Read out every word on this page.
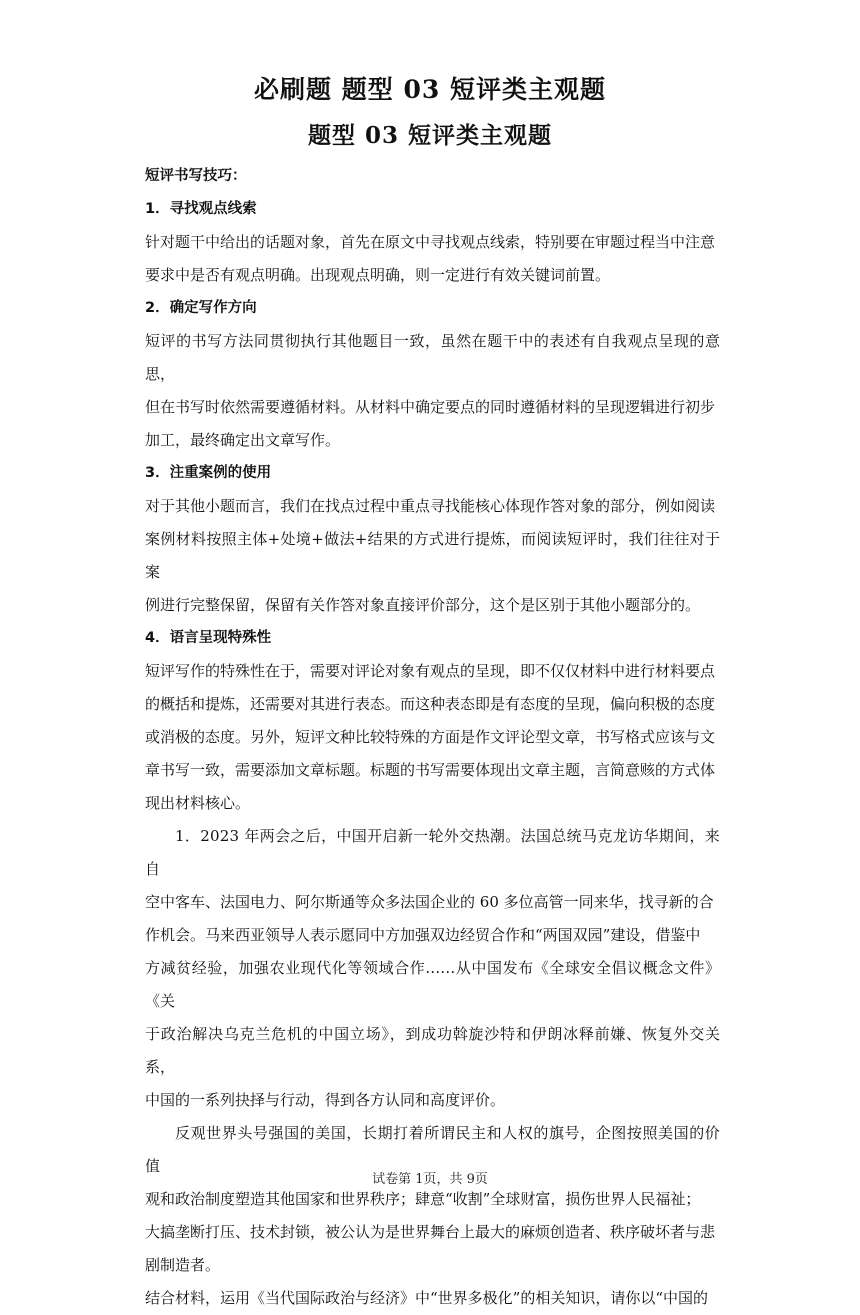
必刷题 题型 03 短评类主观题
题型 03 短评类主观题

短评书写技巧：

1．寻找观点线索

针对题干中给出的话题对象，首先在原文中寻找观点线索，特别要在审题过程当中注意

要求中是否有观点明确。出现观点明确，则一定进行有效关键词前置。

2．确定写作方向

短评的书写方法同贯彻执行其他题目一致，虽然在题干中的表述有自我观点呈现的意思，

但在书写时依然需要遵循材料。从材料中确定要点的同时遵循材料的呈现逻辑进行初步

加工，最终确定出文章写作。

3．注重案例的使用

对于其他小题而言，我们在找点过程中重点寻找能核心体现作答对象的部分，例如阅读

案例材料按照主体+处境+做法+结果的方式进行提炼，而阅读短评时，我们往往对于案

例进行完整保留，保留有关作答对象直接评价部分，这个是区别于其他小题部分的。

4．语言呈现特殊性

短评写作的特殊性在于，需要对评论对象有观点的呈现，即不仅仅材料中进行材料要点

的概括和提炼，还需要对其进行表态。而这种表态即是有态度的呈现，偏向积极的态度

或消极的态度。另外，短评文种比较特殊的方面是作文评论型文章，书写格式应该与文

章书写一致，需要添加文章标题。标题的书写需要体现出文章主题，言简意赅的方式体

现出材料核心。

1．2023 年两会之后，中国开启新一轮外交热潮。法国总统马克龙访华期间，来自

空中客车、法国电力、阿尔斯通等众多法国企业的 60 多位高管一同来华，找寻新的合

作机会。马来西亚领导人表示愿同中方加强双边经贸合作和“两国双园”建设，借鉴中

方减贫经验，加强农业现代化等领域合作……从中国发布《全球安全倡议概念文件》《关

于政治解决乌克兰危机的中国立场》，到成功斡旋沙特和伊朗冰释前嫌、恢复外交关系，

中国的一系列抉择与行动，得到各方认同和高度评价。

反观世界头号强国的美国，长期打着所谓民主和人权的旗号，企图按照美国的价值

观和政治制度塑造其他国家和世界秩序；肆意“收割”全球财富，损伤世界人民福祉；

大搞垄断打压、技术封锁，被公认为是世界舞台上最大的麻烦创造者、秩序破坏者与悲

剧制造者。

结合材料，运用《当代国际政治与经济》中“世界多极化”的相关知识，请你以“中国的

试卷第 1页，共 9页
